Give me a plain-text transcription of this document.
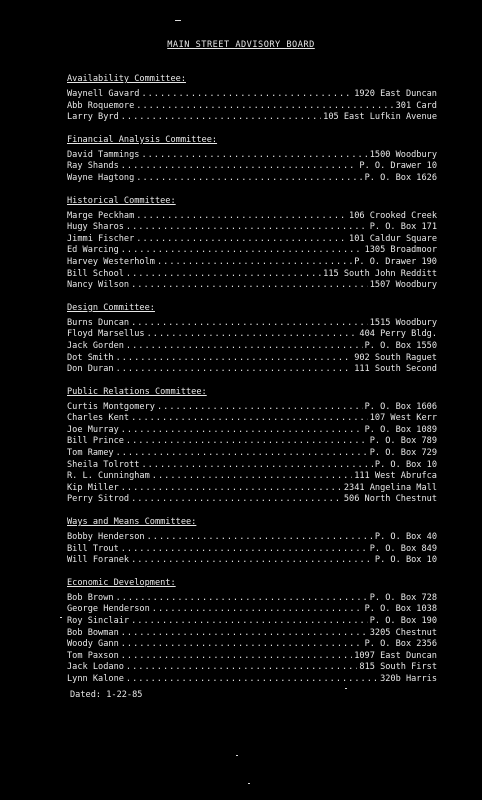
MAIN STREET ADVISORY BOARD
Availability Committee:
Waynell Gavard .....	1920 East Duncan
Abb Roquemore .....	301 Card
Larry Byrd .....	105 East Lufkin Avenue
Financial Analysis Committee:
David Tammings .....	1500 Woodbury
Ray Shands .....	P. O. Drawer 10
Wayne Hagtong .....	P. O. Box 1626
Historical Committee:
Marge Peckham .....	106 Crooked Creek
Hugy Sharos .....	P. O. Box 171
Jimmi Fischer .....	101 Caldur Square
Ed Warcing .....	1305 Broadmoor
Harvey Westerholm .....	P. O. Drawer 190
Bill School .....	115 South John Redditt
Nancy Wilson .....	1507 Woodbury
Design Committee:
Burns Duncan .....	1515 Woodbury
Floyd Marsellus .....	404 Perry Bldg.
Jack Gorden .....	P. O. Box 1550
Dot Smith .....	902 South Raguet
Don Duran .....	111 South Second
Public Relations Committee:
Curtis Montgomery .....	P. O. Box 1606
Charles Kent .....	107 West Kerr
Joe Murray .....	P. O. Box 1089
Bill Prince .....	P. O. Box 789
Tom Ramey .....	P. O. Box 729
Sheila Tolrott .....	P. O. Box 10
R. L. Cunningham .....	111 West Abrufca
Kip Miller .....	2341 Angelina Mall
Perry Sitrod .....	506 North Chestnut
Ways and Means Committee:
Bobby Henderson .....	P. O. Box 40
Bill Trout .....	P. O. Box 849
Will Foranek .....	P. O. Box 10
Economic Development:
Bob Brown .....	P. O. Box 728
George Henderson .....	P. O. Box 1038
Roy Sinclair .....	P. O. Box 190
Bob Bowman .....	3205 Chestnut
Woody Gann .....	P. O. Box 2356
Tom Paxson .....	1097 East Duncan
Jack Lodano .....	815 South First
Lynn Kalone .....	320b Harris
Dated: 1-22-85
